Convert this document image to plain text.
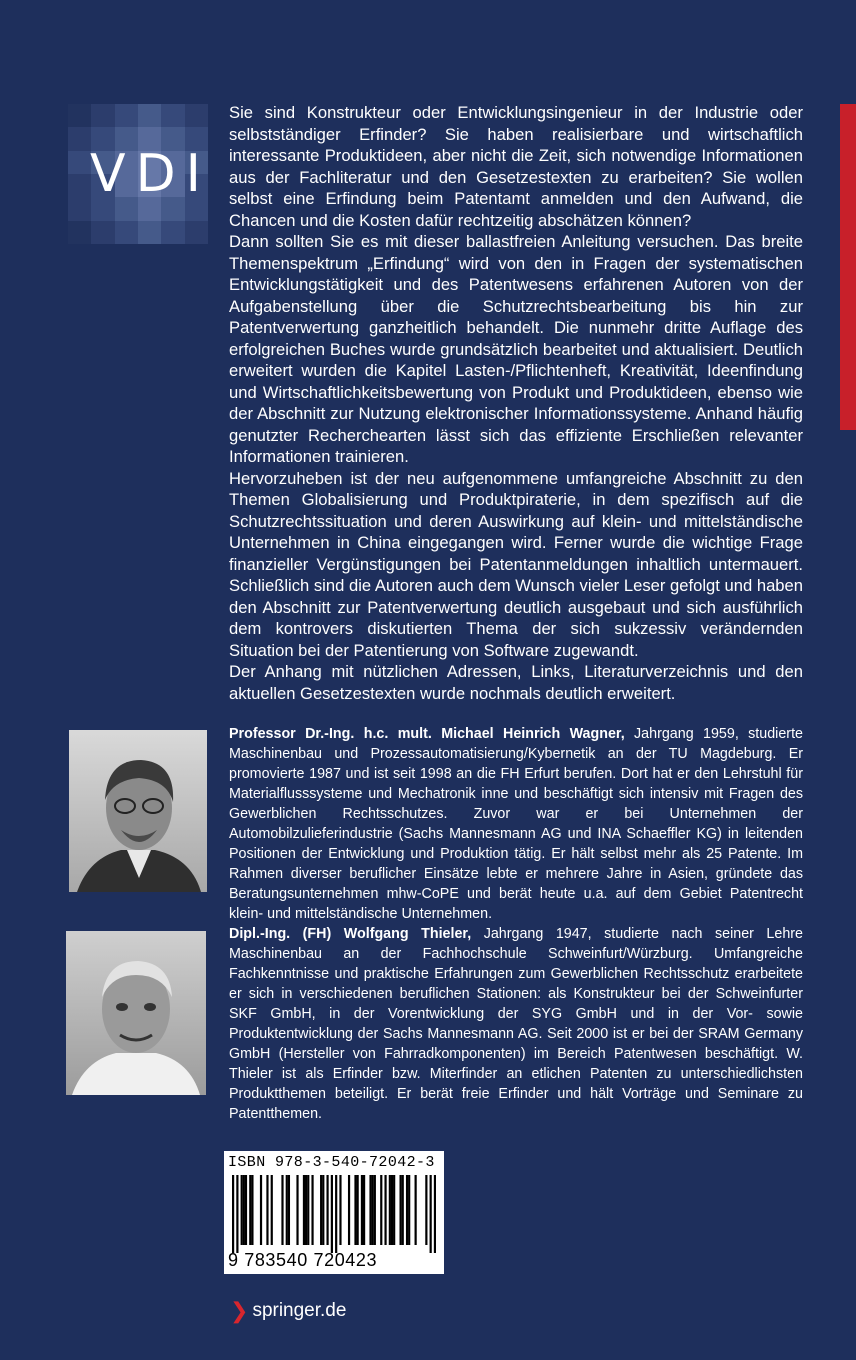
VDI

Sie sind Konstrukteur oder Entwicklungsingenieur in der Industrie oder selbstständiger Erfinder? Sie haben realisierbare und wirtschaftlich interessante Produktideen, aber nicht die Zeit, sich notwendige Informationen aus der Fachliteratur und den Gesetzestexten zu erarbeiten? Sie wollen selbst eine Erfindung beim Patentamt anmelden und den Aufwand, die Chancen und die Kosten dafür rechtzeitig abschätzen können?

Dann sollten Sie es mit dieser ballastfreien Anleitung versuchen. Das breite Themenspektrum „Erfindung“ wird von den in Fragen der systematischen Entwicklungstätigkeit und des Patentwesens erfahrenen Autoren von der Aufgabenstellung über die Schutzrechtsbearbeitung bis hin zur Patentverwertung ganzheitlich behandelt. Die nunmehr dritte Auflage des erfolgreichen Buches wurde grundsätzlich bearbeitet und aktualisiert. Deutlich erweitert wurden die Kapitel Lasten-/Pflichtenheft, Kreativität, Ideenfindung und Wirtschaftlichkeitsbewertung von Produkt und Produktideen, ebenso wie der Abschnitt zur Nutzung elektronischer Informationssysteme. Anhand häufig genutzter Recherchearten lässt sich das effiziente Erschließen relevanter Informationen trainieren.

Hervorzuheben ist der neu aufgenommene umfangreiche Abschnitt zu den Themen Globalisierung und Produktpiraterie, in dem spezifisch auf die Schutzrechtssituation und deren Auswirkung auf klein- und mittelständische Unternehmen in China eingegangen wird. Ferner wurde die wichtige Frage finanzieller Vergünstigungen bei Patentanmeldungen inhaltlich untermauert. Schließlich sind die Autoren auch dem Wunsch vieler Leser gefolgt und haben den Abschnitt zur Patentverwertung deutlich ausgebaut und sich ausführlich dem kontrovers diskutierten Thema der sich sukzessiv verändernden Situation bei der Patentierung von Software zugewandt.

Der Anhang mit nützlichen Adressen, Links, Literaturverzeichnis und den aktuellen Gesetzestexten wurde nochmals deutlich erweitert.

Professor Dr.-Ing. h.c. mult. Michael Heinrich Wagner, Jahrgang 1959, studierte Maschinenbau und Prozessautomatisierung/Kybernetik an der TU Magdeburg. Er promovierte 1987 und ist seit 1998 an die FH Erfurt berufen. Dort hat er den Lehrstuhl für Materialflusssysteme und Mechatronik inne und beschäftigt sich intensiv mit Fragen des Gewerblichen Rechtsschutzes. Zuvor war er bei Unternehmen der Automobilzulieferindustrie (Sachs Mannesmann AG und INA Schaeffler KG) in leitenden Positionen der Entwicklung und Produktion tätig. Er hält selbst mehr als 25 Patente. Im Rahmen diverser beruflicher Einsätze lebte er mehrere Jahre in Asien, gründete das Beratungsunternehmen mhw-CoPE und berät heute u.a. auf dem Gebiet Patentrecht klein- und mittelständische Unternehmen.

Dipl.-Ing. (FH) Wolfgang Thieler, Jahrgang 1947, studierte nach seiner Lehre Maschinenbau an der Fachhochschule Schweinfurt/Würzburg. Umfangreiche Fachkenntnisse und praktische Erfahrungen zum Gewerblichen Rechtsschutz erarbeitete er sich in verschiedenen beruflichen Stationen: als Konstrukteur bei der Schweinfurter SKF GmbH, in der Vorentwicklung der SYG GmbH und in der Vor- sowie Produktentwicklung der Sachs Mannesmann AG. Seit 2000 ist er bei der SRAM Germany GmbH (Hersteller von Fahrradkomponenten) im Bereich Patentwesen beschäftigt. W. Thieler ist als Erfinder bzw. Miterfinder an etlichen Patenten zu unterschiedlichsten Produktthemen beteiligt. Er berät freie Erfinder und hält Vorträge und Seminare zu Patentthemen.

ISBN 978-3-540-72042-3
9 783540 720423
❯ springer.de
